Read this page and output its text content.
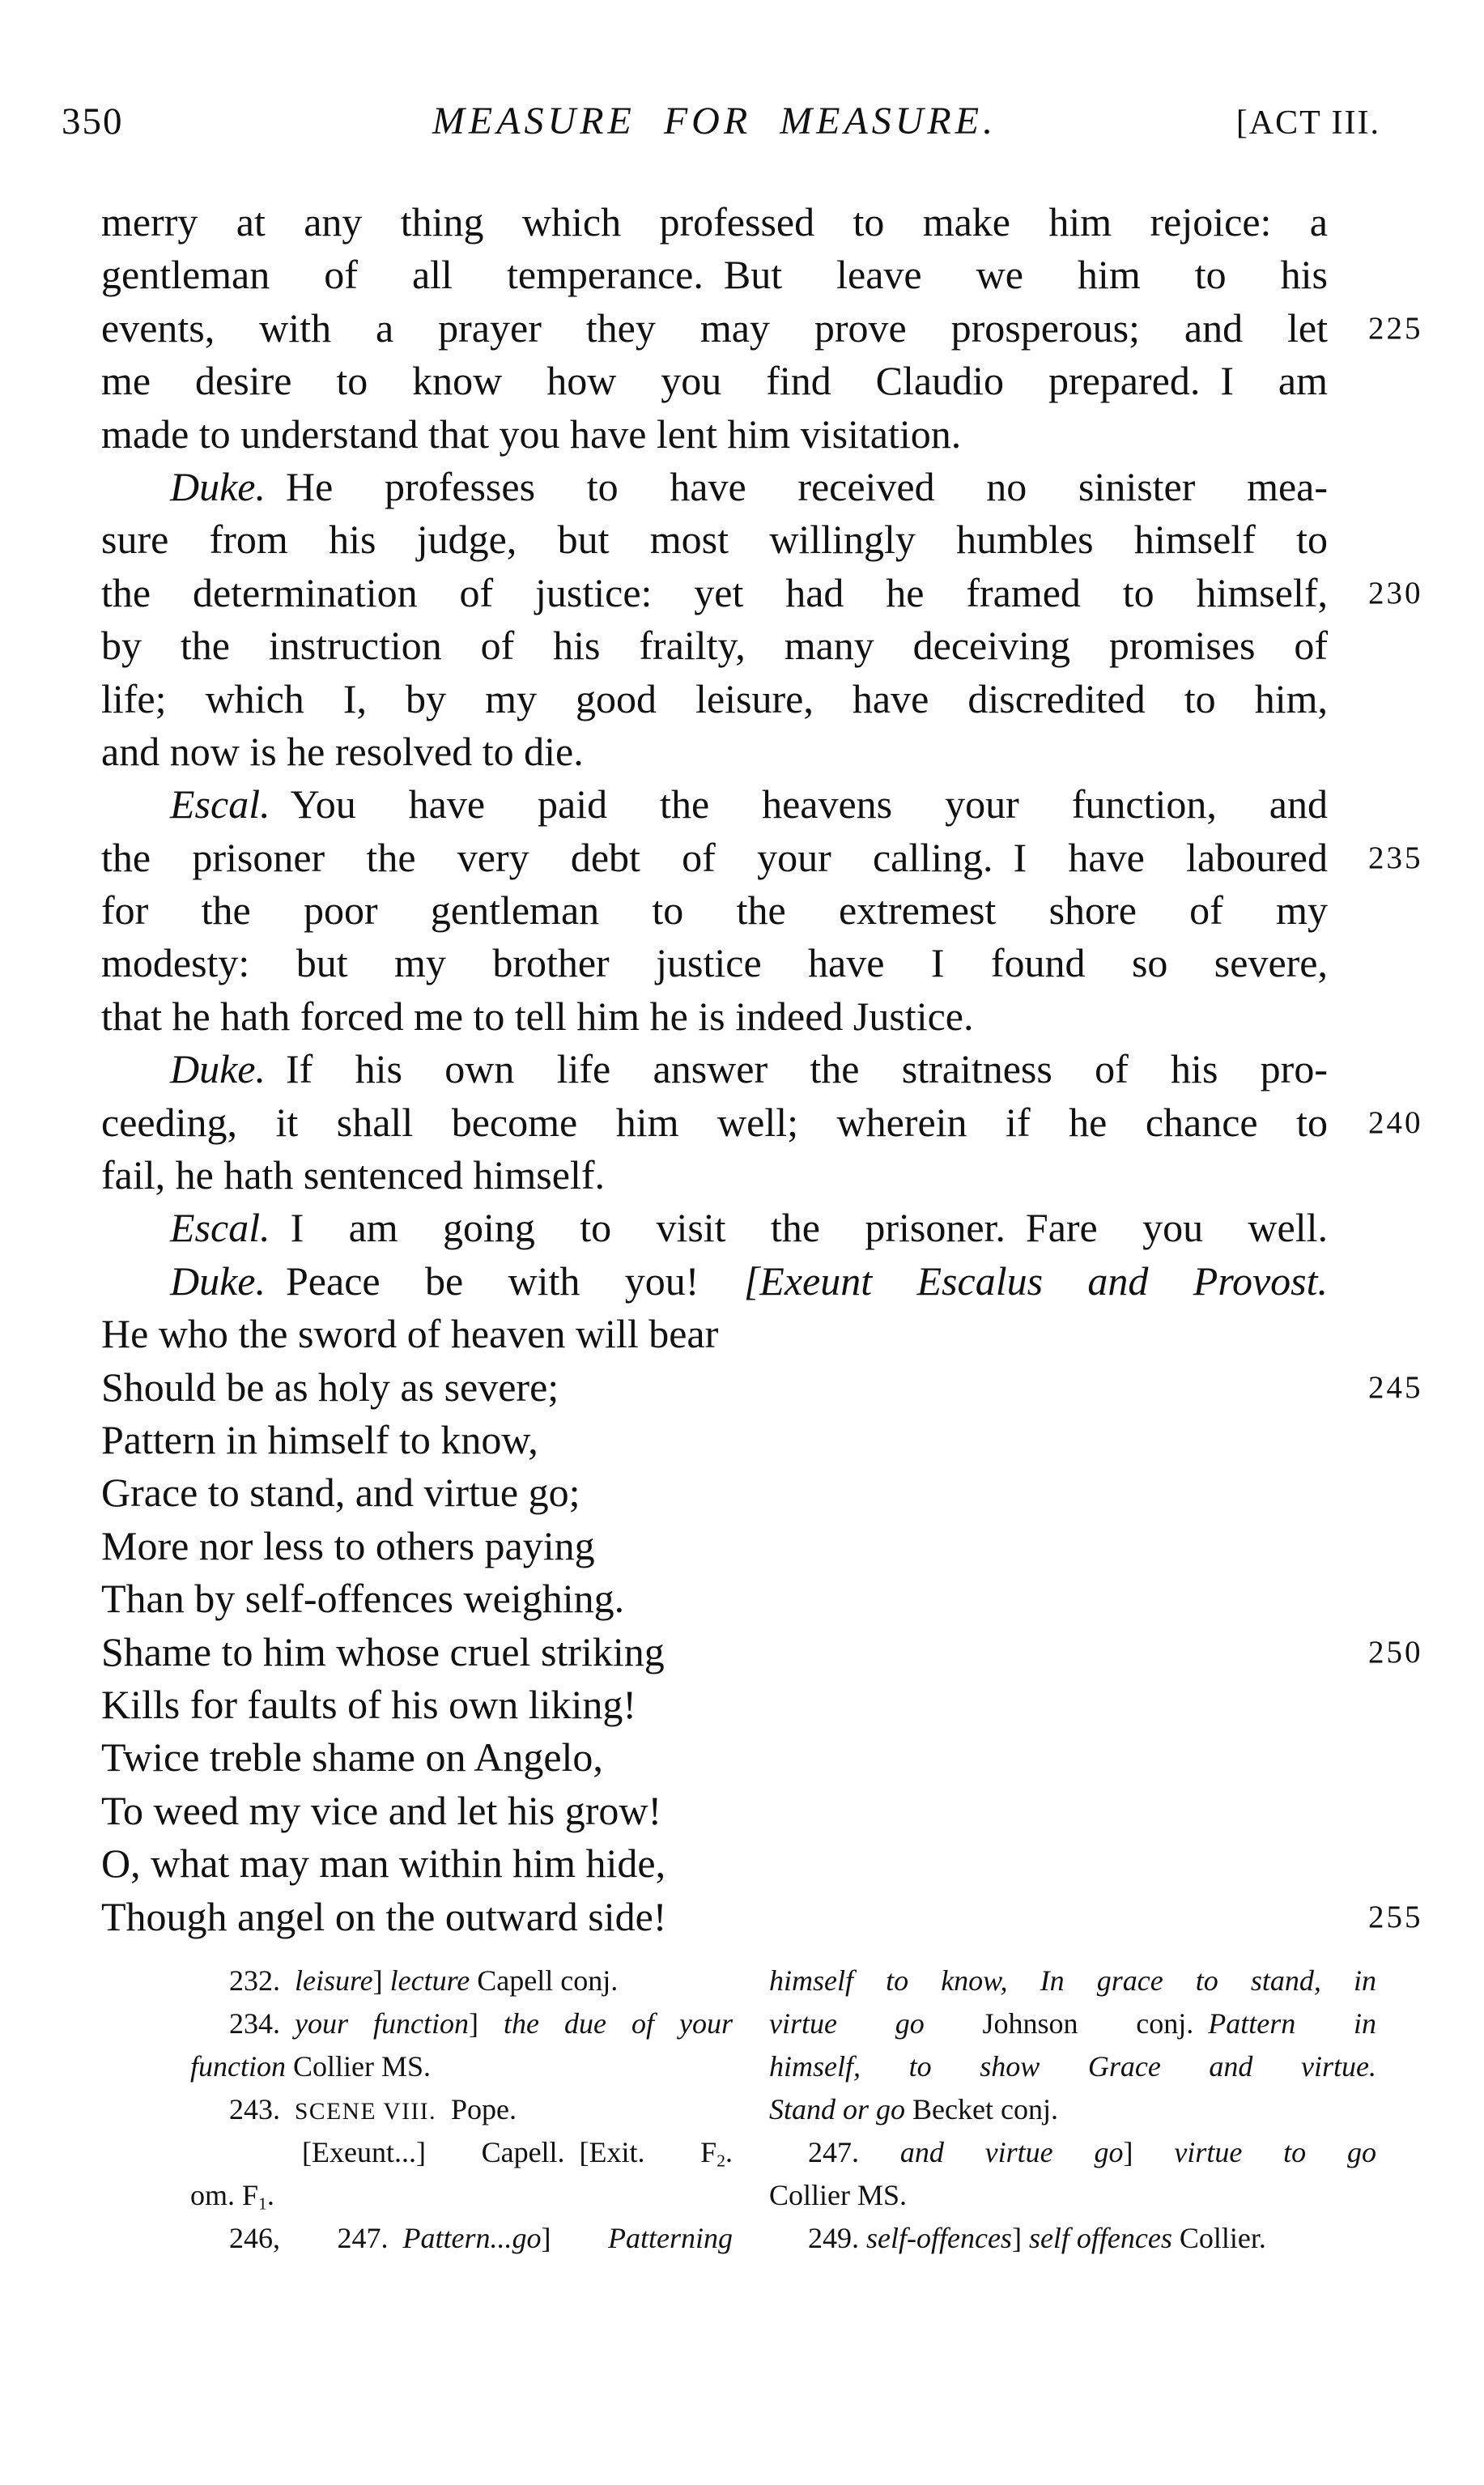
350	MEASURE FOR MEASURE.	[ACT III.
merry at any thing which professed to make him rejoice: a
gentleman of all temperance. But leave we him to his
events, with a prayer they may prove prosperous; and let 225
me desire to know how you find Claudio prepared. I am
made to understand that you have lent him visitation.
Duke. He professes to have received no sinister mea-
sure from his judge, but most willingly humbles himself to
the determination of justice: yet had he framed to himself, 230
by the instruction of his frailty, many deceiving promises of
life; which I, by my good leisure, have discredited to him,
and now is he resolved to die.
Escal. You have paid the heavens your function, and
the prisoner the very debt of your calling. I have laboured 235
for the poor gentleman to the extremest shore of my
modesty: but my brother justice have I found so severe,
that he hath forced me to tell him he is indeed Justice.
Duke. If his own life answer the straitness of his pro-
ceeding, it shall become him well; wherein if he chance to 240
fail, he hath sentenced himself.
Escal. I am going to visit the prisoner. Fare you well.
Duke. Peace be with you! [Exeunt Escalus and Provost.
He who the sword of heaven will bear
Should be as holy as severe;	245
Pattern in himself to know,
Grace to stand, and virtue go;
More nor less to others paying
Than by self-offences weighing.
Shame to him whose cruel striking	250
Kills for faults of his own liking!
Twice treble shame on Angelo,
To weed my vice and let his grow!
O, what may man within him hide,
Though angel on the outward side!	255
232. leisure] lecture Capell conj.
234. your function] the due of your
function Collier MS.
243. SCENE VIII. Pope.
[Exeunt...] Capell. [Exit. $F_2$.
om. $F_1$.
246, 247. Pattern...go] Patterning
himself to know, In grace to stand, in
virtue go Johnson conj. Pattern in
himself, to show Grace and virtue.
Stand or go Becket conj.
247. and virtue go] virtue to go
Collier MS.
249. self-offences] self offences Collier.
